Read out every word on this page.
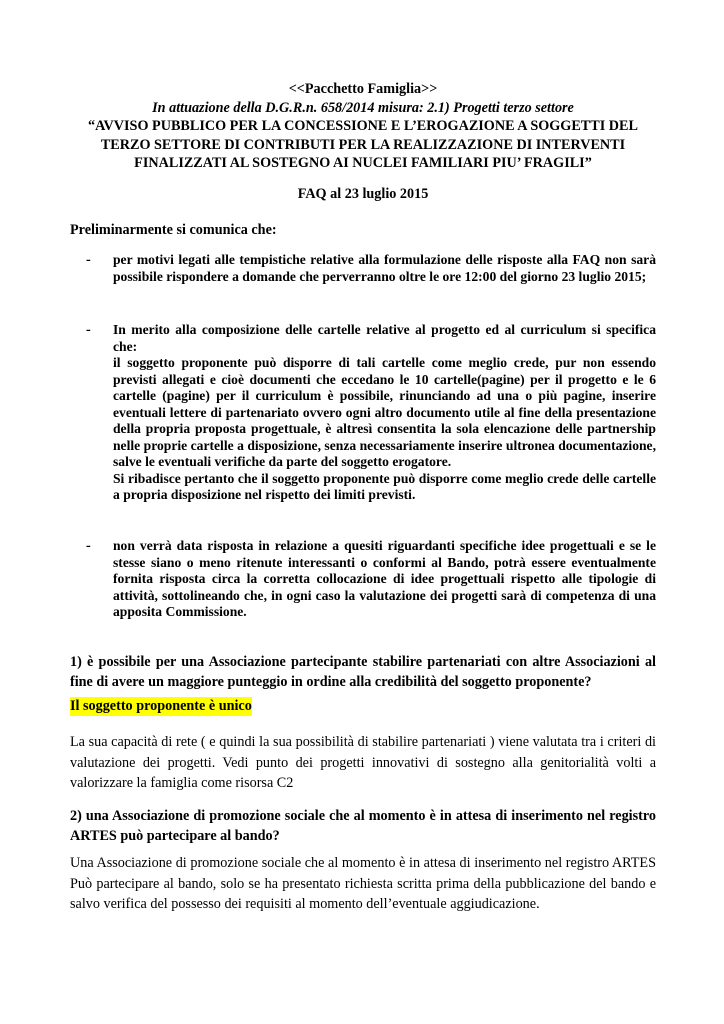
<<Pacchetto Famiglia>>
In attuazione della D.G.R.n. 658/2014 misura: 2.1) Progetti terzo settore
“AVVISO PUBBLICO PER LA CONCESSIONE E L’EROGAZIONE A SOGGETTI DEL
TERZO SETTORE DI CONTRIBUTI PER LA REALIZZAZIONE DI INTERVENTI
FINALIZZATI AL SOSTEGNO AI NUCLEI FAMILIARI PIU’ FRAGILI”
FAQ al 23 luglio 2015
Preliminarmente si comunica che:
- per motivi legati alle tempistiche relative alla formulazione delle risposte alla FAQ non sarà possibile rispondere a domande che perverranno oltre le ore 12:00 del giorno 23 luglio 2015;

- In merito alla composizione delle cartelle relative al progetto ed al curriculum si specifica che:

il soggetto proponente può disporre di tali cartelle come meglio crede, pur non essendo previsti allegati e cioè documenti che eccedano le 10 cartelle(pagine) per il progetto e le 6 cartelle (pagine) per il curriculum è possibile, rinunciando ad una o più pagine, inserire eventuali lettere di partenariato ovvero ogni altro documento utile al fine della presentazione della propria proposta progettuale, è altresì consentita la sola elencazione delle partnership nelle proprie cartelle a disposizione, senza necessariamente inserire ultronea documentazione, salve le eventuali verifiche da parte del soggetto erogatore.

Si ribadisce pertanto che il soggetto proponente può disporre come meglio crede delle cartelle a propria disposizione nel rispetto dei limiti previsti.

- non verrà data risposta in relazione a quesiti riguardanti specifiche idee progettuali e se le stesse siano o meno ritenute interessanti o conformi al Bando, potrà essere eventualmente fornita risposta circa la corretta collocazione di idee progettuali rispetto alle tipologie di attività, sottolineando che, in ogni caso la valutazione dei progetti sarà di competenza di una apposita Commissione.

1) è possibile per una Associazione partecipante stabilire partenariati con altre Associazioni al fine di avere un maggiore punteggio in ordine alla credibilità del soggetto proponente?
Il soggetto proponente è unico
La sua capacità di rete ( e quindi la sua possibilità di stabilire partenariati ) viene valutata tra i criteri di valutazione dei progetti. Vedi punto dei progetti innovativi di sostegno alla genitorialità volti a valorizzare la famiglia come risorsa C2
2) una Associazione di promozione sociale che al momento è in attesa di inserimento nel registro ARTES può partecipare al bando?
Una Associazione di promozione sociale che al momento è in attesa di inserimento nel registro ARTES Può partecipare al bando, solo se ha presentato richiesta scritta prima della pubblicazione del bando e salvo verifica del possesso dei requisiti al momento dell’eventuale aggiudicazione.
